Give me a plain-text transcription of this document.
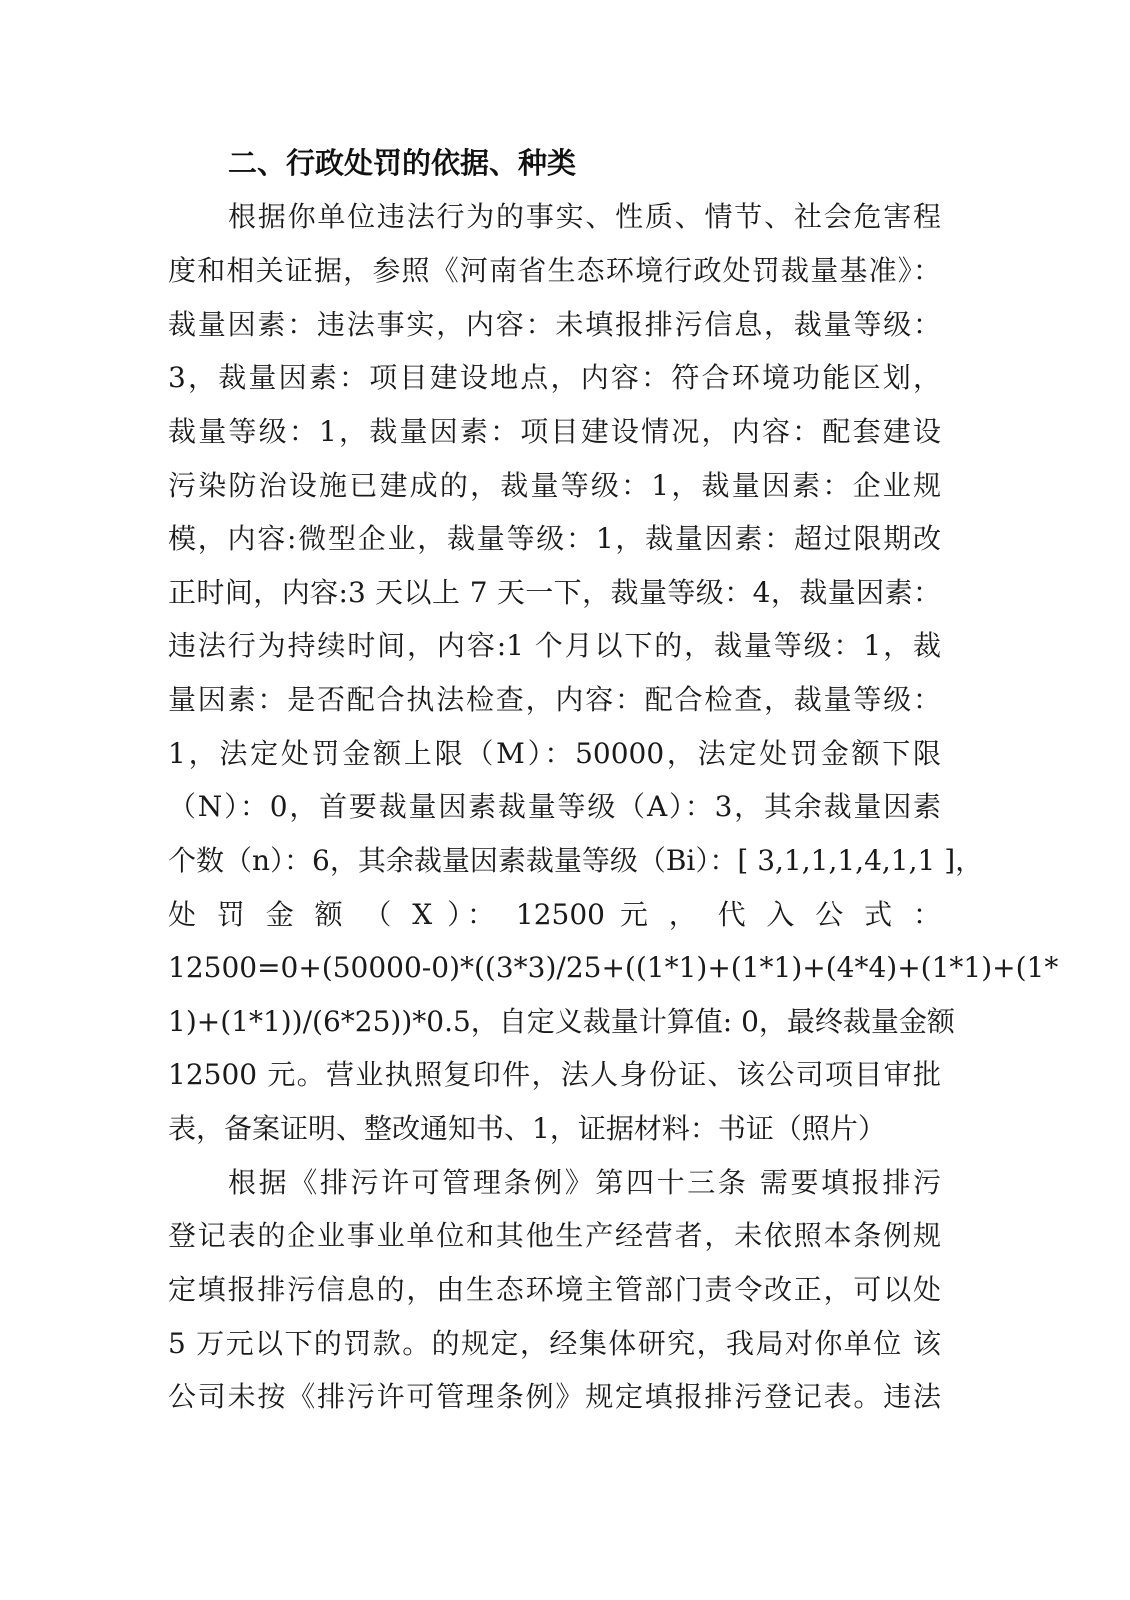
二、行政处罚的依据、种类
根据你单位违法行为的事实、性质、情节、社会危害程
度和相关证据，参照《河南省生态环境行政处罚裁量基准》：
裁量因素：违法事实，内容：未填报排污信息，裁量等级：
3，裁量因素：项目建设地点，内容：符合环境功能区划，
裁量等级：1，裁量因素：项目建设情况，内容：配套建设
污染防治设施已建成的，裁量等级：1，裁量因素：企业规
模，内容:微型企业，裁量等级：1，裁量因素：超过限期改
正时间，内容:3 天以上 7 天一下，裁量等级：4，裁量因素：
违法行为持续时间，内容:1 个月以下的，裁量等级：1，裁
量因素：是否配合执法检查，内容：配合检查，裁量等级：
1，法定处罚金额上限（M）：50000，法定处罚金额下限
（N）：0，首要裁量因素裁量等级（A）：3，其余裁量因素
个数（n）：6，其余裁量因素裁量等级（Bi）：[ 3,1,1,1,4,1,1 ]，
处 罚 金 额 （ X ）： 12500 元 ， 代 入 公 式 ：
12500=0+(50000-0)*((3*3)/25+((1*1)+(1*1)+(4*4)+(1*1)+(1*
1)+(1*1))/(6*25))*0.5，自定义裁量计算值: 0，最终裁量金额
12500 元。营业执照复印件，法人身份证、该公司项目审批
表，备案证明、整改通知书、1，证据材料：书证（照片）
根据《排污许可管理条例》第四十三条 需要填报排污
登记表的企业事业单位和其他生产经营者，未依照本条例规
定填报排污信息的，由生态环境主管部门责令改正，可以处
5 万元以下的罚款。的规定，经集体研究，我局对你单位 该
公司未按《排污许可管理条例》规定填报排污登记表。违法
